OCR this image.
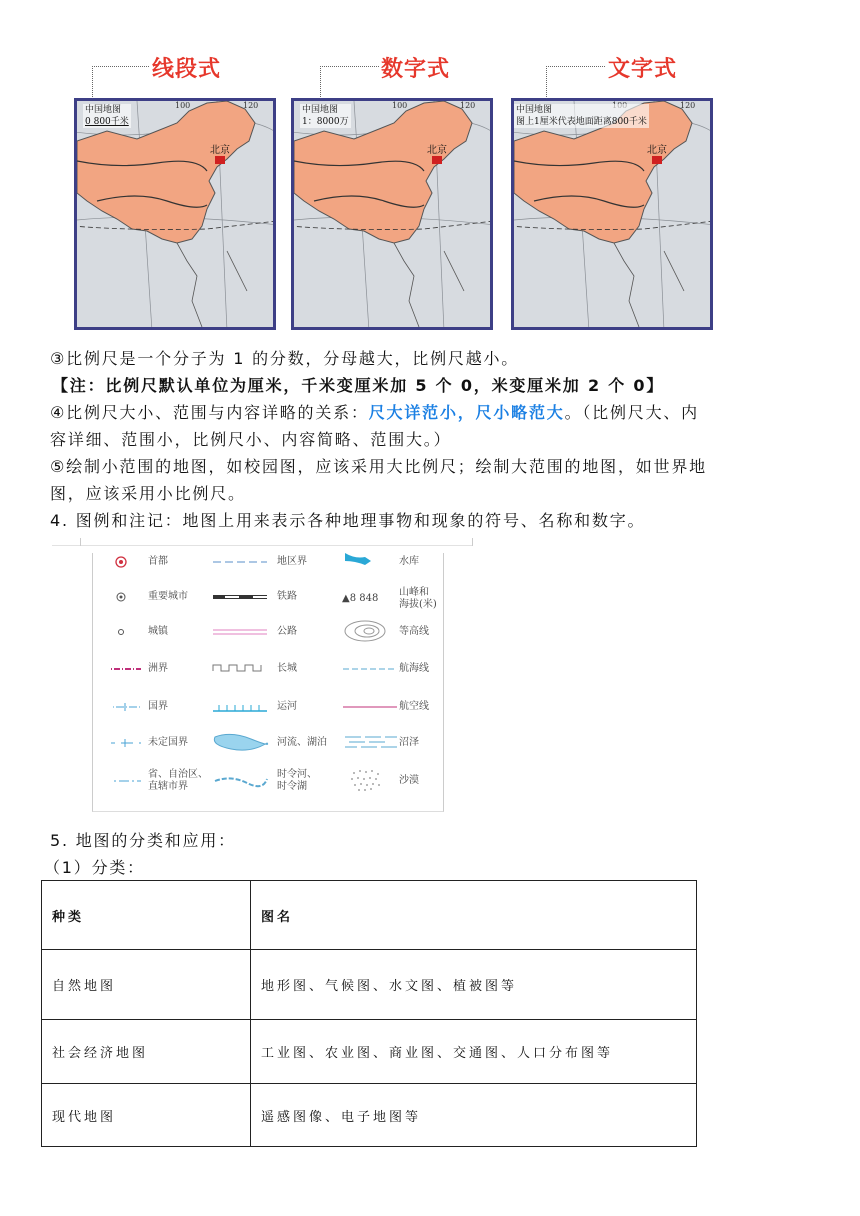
线段式	数字式	文字式
100	120
北京
中国地图
0 800千米
100	120
北京
中国地图
1：8000万
120
北京
中国地图
图上1厘米代表地面距离800千米
③比例尺是一个分子为 1 的分数，分母越大，比例尺越小。
【注：比例尺默认单位为厘米，千米变厘米加 5 个 0，米变厘米加 2 个 0】
④比例尺大小、范围与内容详略的关系：尺大详范小，尺小略范大。（比例尺大、内
容详细、范围小，比例尺小、内容简略、范围大。）
⑤绘制小范围的地图，如校园图，应该采用大比例尺；绘制大范围的地图，如世界地
图，应该采用小比例尺。
4. 图例和注记：地图上用来表示各种地理事物和现象的符号、名称和数字。
首都
重要城市
城镇
洲界
国界
未定国界
省、自治区、
直辖市界
地区界
铁路
公路
长城
运河
河流、湖泊
时令河、
时令湖
▲8 848
水库
山峰和
海拔(米)
等高线
航海线
航空线
沼泽
沙漠
5. 地图的分类和应用：
（1）分类：
种类	图名
自然地图	地形图、气候图、水文图、植被图等
社会经济地图	工业图、农业图、商业图、交通图、人口分布图等
现代地图	遥感图像、电子地图等
